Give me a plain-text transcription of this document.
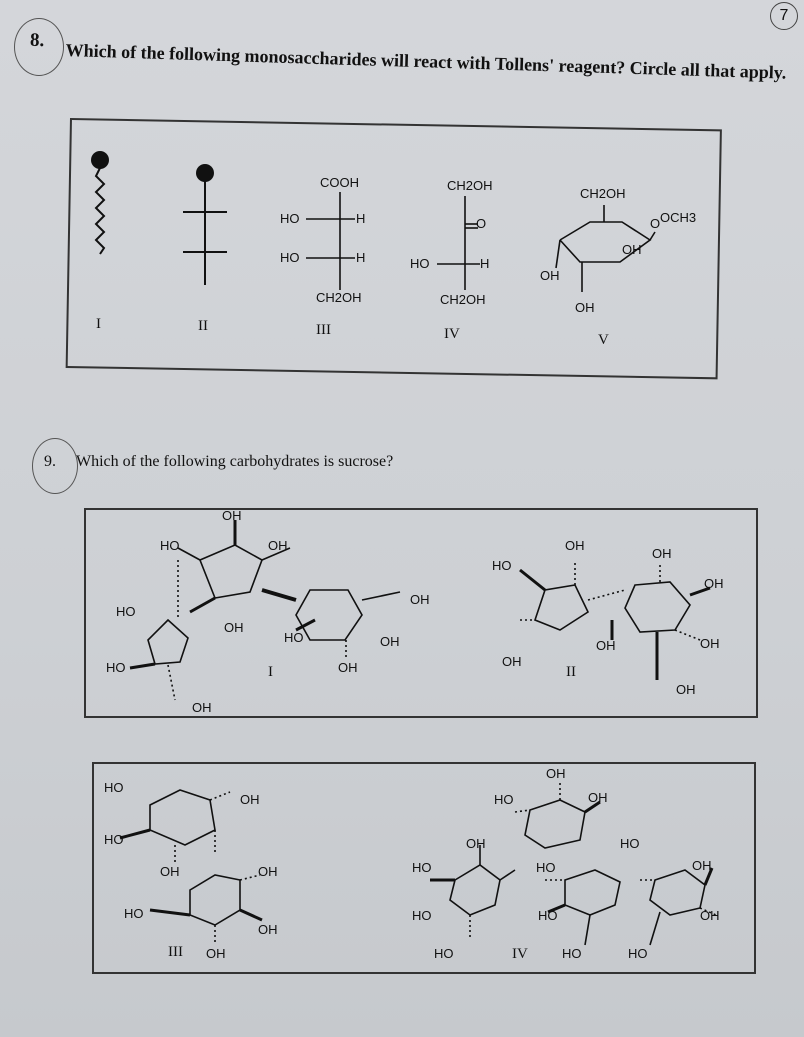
7
8. Which of the following monosaccharides will react with Tollens' reagent? Circle all that apply.
COOH
HO	H
HO	H
CH2OH
CH2OH
O
HO	H
CH2OH
CH2OH
O OCH3
OH
OH
OH
I	II	III	IV	V
9. Which of the following carbohydrates is sucrose?
OH
HO	OH
OH
HO
HO
OH
HO
OH
OH
OH
I
HO
OH
OH
OH
OH
OH
OH
OH
II
HO
HO
OH
OH	OH
HO
OH
OH
III
OH
HO	OH
OH	HO
HO	HO	OH
HO	HO	OH
HO	HO	HO
IV
